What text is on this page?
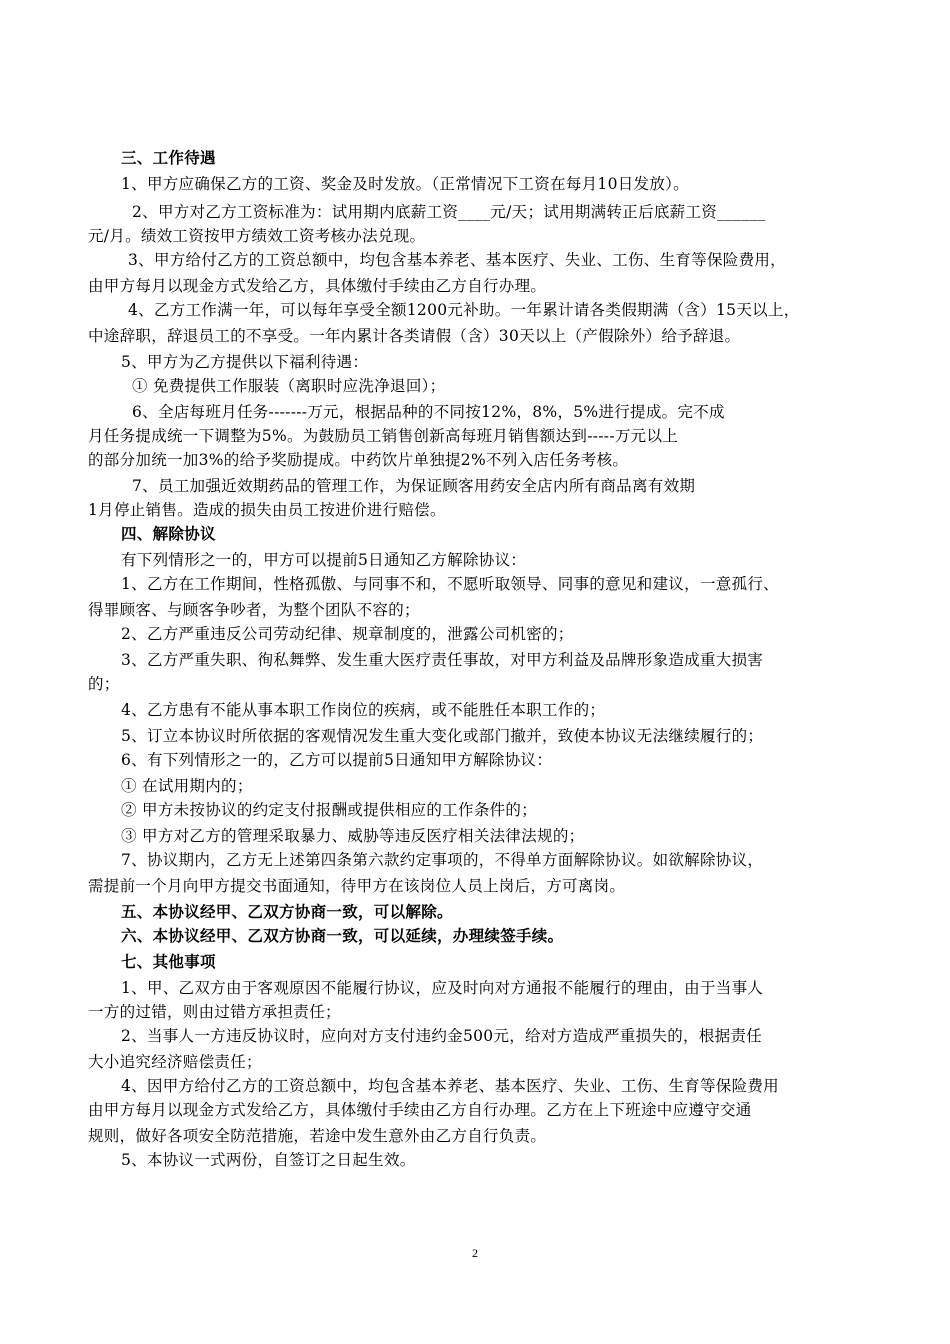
三、工作待遇
1、甲方应确保乙方的工资、奖金及时发放。（正常情况下工资在每月10日发放）。
2、甲方对乙方工资标准为：试用期内底薪工资____元/天；试用期满转正后底薪工资______
元/月。绩效工资按甲方绩效工资考核办法兑现。
3、甲方给付乙方的工资总额中，均包含基本养老、基本医疗、失业、工伤、生育等保险费用，
由甲方每月以现金方式发给乙方，具体缴付手续由乙方自行办理。
4、乙方工作满一年，可以每年享受全额1200元补助。一年累计请各类假期满（含）15天以上，
中途辞职，辞退员工的不享受。一年内累计各类请假（含）30天以上（产假除外）给予辞退。
5、甲方为乙方提供以下福利待遇：
① 免费提供工作服装（离职时应洗净退回）；
6、全店每班月任务-------万元，根据品种的不同按12%，8%，5%进行提成。完不成
月任务提成统一下调整为5%。为鼓励员工销售创新高每班月销售额达到-----万元以上
的部分加统一加3%的给予奖励提成。中药饮片单独提2%不列入店任务考核。
7、员工加强近效期药品的管理工作，为保证顾客用药安全店内所有商品离有效期
1月停止销售。造成的损失由员工按进价进行赔偿。
四、解除协议
有下列情形之一的，甲方可以提前5日通知乙方解除协议：
1、乙方在工作期间，性格孤傲、与同事不和，不愿听取领导、同事的意见和建议，一意孤行、
得罪顾客、与顾客争吵者，为整个团队不容的；
2、乙方严重违反公司劳动纪律、规章制度的，泄露公司机密的；
3、乙方严重失职、徇私舞弊、发生重大医疗责任事故，对甲方利益及品牌形象造成重大损害
的；
4、乙方患有不能从事本职工作岗位的疾病，或不能胜任本职工作的；
5、订立本协议时所依据的客观情况发生重大变化或部门撤并，致使本协议无法继续履行的；
6、有下列情形之一的，乙方可以提前5日通知甲方解除协议：
① 在试用期内的；
② 甲方未按协议的约定支付报酬或提供相应的工作条件的；
③ 甲方对乙方的管理采取暴力、威胁等违反医疗相关法律法规的；
7、协议期内，乙方无上述第四条第六款约定事项的，不得单方面解除协议。如欲解除协议，
需提前一个月向甲方提交书面通知，待甲方在该岗位人员上岗后，方可离岗。
五、本协议经甲、乙双方协商一致，可以解除。
六、本协议经甲、乙双方协商一致，可以延续，办理续签手续。
七、其他事项
1、甲、乙双方由于客观原因不能履行协议，应及时向对方通报不能履行的理由，由于当事人
一方的过错，则由过错方承担责任；
2、当事人一方违反协议时，应向对方支付违约金500元，给对方造成严重损失的，根据责任
大小追究经济赔偿责任；
4、因甲方给付乙方的工资总额中，均包含基本养老、基本医疗、失业、工伤、生育等保险费用
由甲方每月以现金方式发给乙方，具体缴付手续由乙方自行办理。乙方在上下班途中应遵守交通
规则，做好各项安全防范措施，若途中发生意外由乙方自行负责。
5、本协议一式两份，自签订之日起生效。
2
